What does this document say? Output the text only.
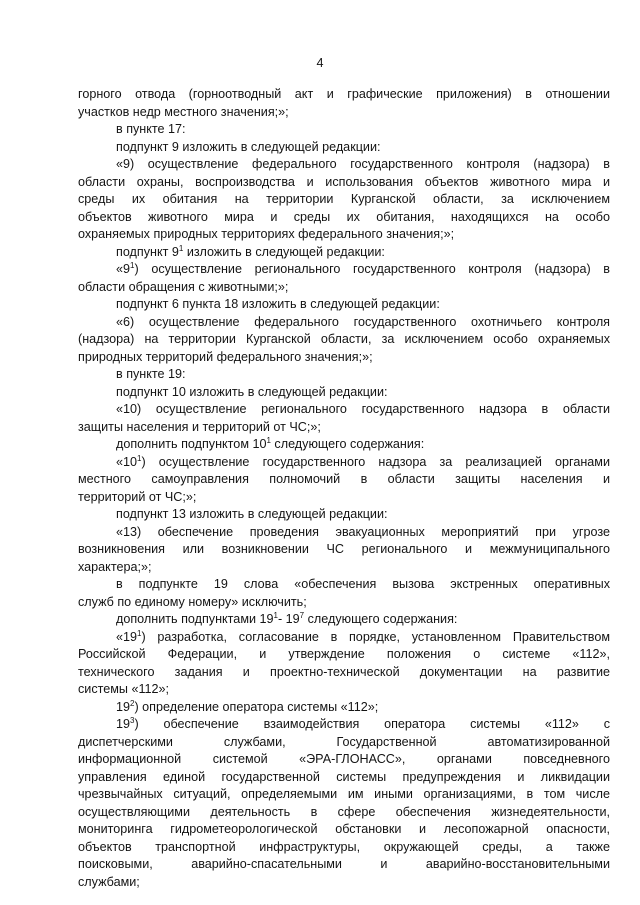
4
горного отвода (горноотводный акт и графические приложения) в отношении
участков недр местного значения;»;
в пункте 17:
подпункт 9 изложить в следующей редакции:
«9) осуществление федерального государственного контроля (надзора) в
области охраны, воспроизводства и использования объектов животного мира и
среды их обитания на территории Курганской области, за исключением
объектов животного мира и среды их обитания, находящихся на особо
охраняемых природных территориях федерального значения;»;
подпункт $9^1$ изложить в следующей редакции:
«$9^1$) осуществление регионального государственного контроля (надзора) в
области обращения с животными;»;
подпункт 6 пункта 18 изложить в следующей редакции:
«6) осуществление федерального государственного охотничьего контроля
(надзора) на территории Курганской области, за исключением особо охраняемых
природных территорий федерального значения;»;
в пункте 19:
подпункт 10 изложить в следующей редакции:
«10) осуществление регионального государственного надзора в области
защиты населения и территорий от ЧС;»;
дополнить подпунктом $10^1$ следующего содержания:
«$10^1$) осуществление государственного надзора за реализацией органами
местного самоуправления полномочий в области защиты населения и
территорий от ЧС;»;
подпункт 13 изложить в следующей редакции:
«13) обеспечение проведения эвакуационных мероприятий при угрозе
возникновения или возникновении ЧС регионального и межмуниципального
характера;»;
в подпункте 19 слова «обеспечения вызова экстренных оперативных
служб по единому номеру» исключить;
дополнить подпунктами $19^1-$ $19^7$ следующего содержания:
«$19^1$) разработка, согласование в порядке, установленном Правительством
Российской Федерации, и утверждение положения о системе «112»,
технического задания и проектно-технической документации на развитие
системы «112»;
$19^2$) определение оператора системы «112»;
$19^3$) обеспечение взаимодействия оператора системы «112» с
диспетчерскими службами, Государственной автоматизированной
информационной системой «ЭРА-ГЛОНАСС», органами повседневного
управления единой государственной системы предупреждения и ликвидации
чрезвычайных ситуаций, определяемыми им иными организациями, в том числе
осуществляющими деятельность в сфере обеспечения жизнедеятельности,
мониторинга гидрометеорологической обстановки и лесопожарной опасности,
объектов транспортной инфраструктуры, окружающей среды, а также
поисковыми, аварийно-спасательными и аварийно-восстановительными
службами;
